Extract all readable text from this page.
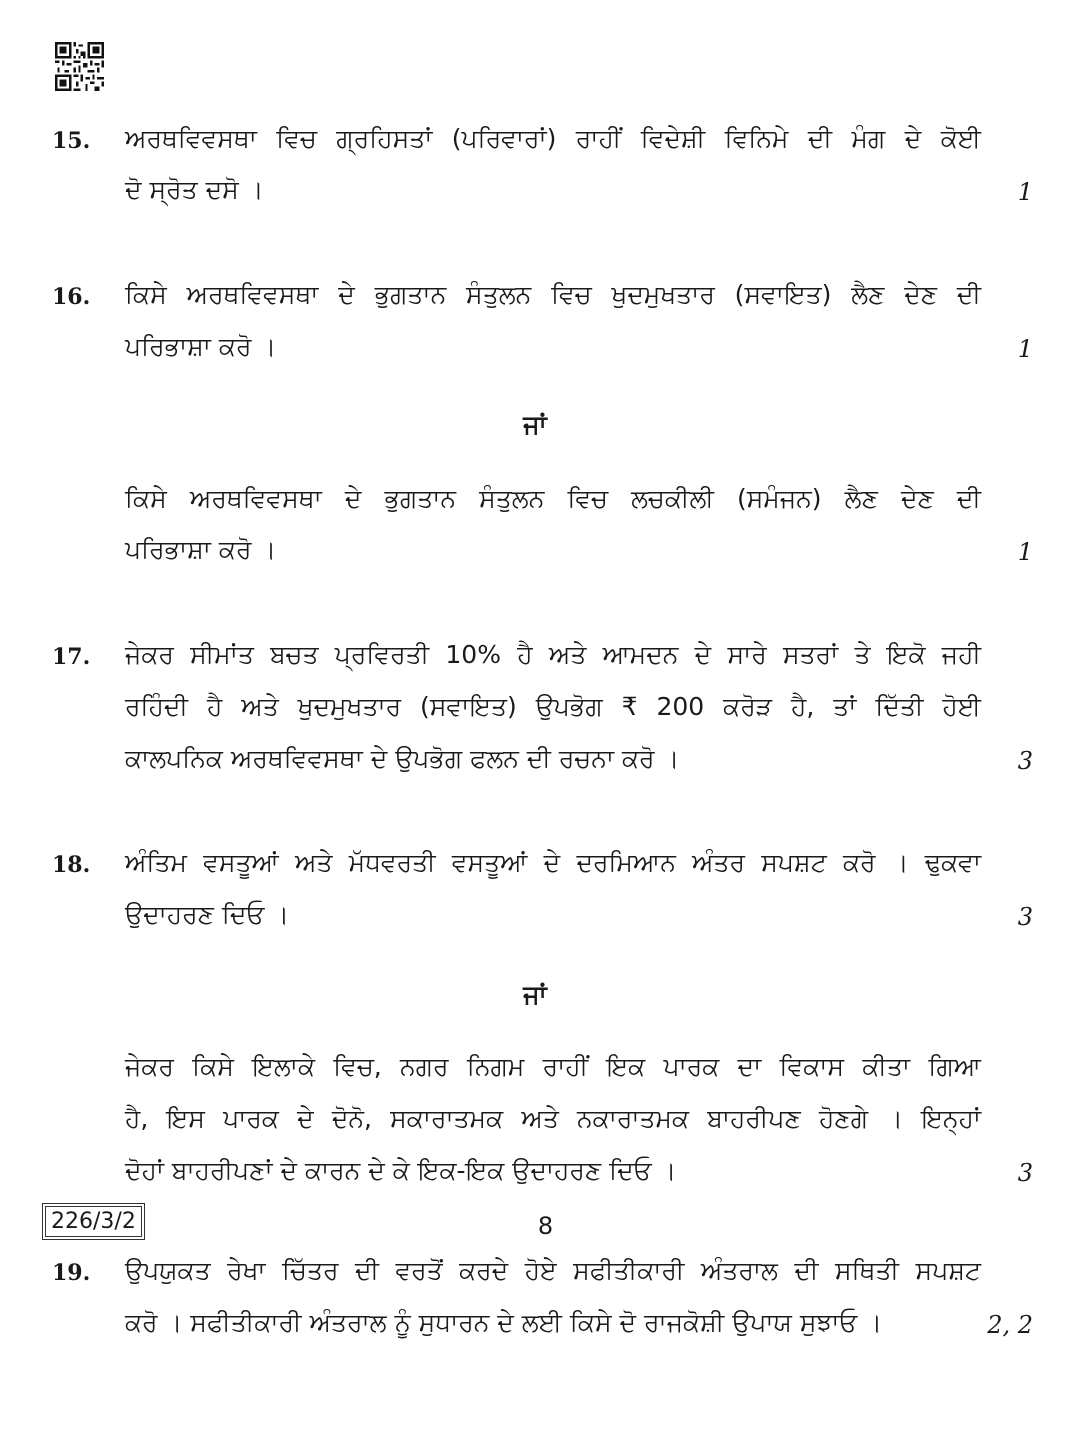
15. ਅਰਥਵਿਵਸਥਾ ਵਿਚ ਗ੍ਰਹਿਸਤਾਂ (ਪਰਿਵਾਰਾਂ) ਰਾਹੀਂ ਵਿਦੇਸ਼ੀ ਵਿਨਿਮੇ ਦੀ ਮੰਗ ਦੇ ਕੋਈ
ਦੋ ਸ੍ਰੋਤ ਦਸੋ ।	1
16. ਕਿਸੇ ਅਰਥਵਿਵਸਥਾ ਦੇ ਭੁਗਤਾਨ ਸੰਤੁਲਨ ਵਿਚ ਖੁਦਮੁਖਤਾਰ (ਸਵਾਇਤ) ਲੈਣ ਦੇਣ ਦੀ
ਪਰਿਭਾਸ਼ਾ ਕਰੋ ।	1
ਜਾਂ
ਕਿਸੇ ਅਰਥਵਿਵਸਥਾ ਦੇ ਭੁਗਤਾਨ ਸੰਤੁਲਨ ਵਿਚ ਲਚਕੀਲੀ (ਸਮੰਜਨ) ਲੈਣ ਦੇਣ ਦੀ
ਪਰਿਭਾਸ਼ਾ ਕਰੋ ।	1
17. ਜੇਕਰ ਸੀਮਾਂਤ ਬਚਤ ਪ੍ਰਵਿਰਤੀ 10% ਹੈ ਅਤੇ ਆਮਦਨ ਦੇ ਸਾਰੇ ਸਤਰਾਂ ਤੇ ਇਕੋ ਜਹੀ
ਰਹਿੰਦੀ ਹੈ ਅਤੇ ਖੁਦਮੁਖਤਾਰ (ਸਵਾਇਤ) ਉਪਭੋਗ ₹ 200 ਕਰੋੜ ਹੈ, ਤਾਂ ਦਿੱਤੀ ਹੋਈ
ਕਾਲਪਨਿਕ ਅਰਥਵਿਵਸਥਾ ਦੇ ਉਪਭੋਗ ਫਲਨ ਦੀ ਰਚਨਾ ਕਰੋ ।	3
18. ਅੰਤਿਮ ਵਸਤੂਆਂ ਅਤੇ ਮੱਧਵਰਤੀ ਵਸਤੂਆਂ ਦੇ ਦਰਮਿਆਨ ਅੰਤਰ ਸਪਸ਼ਟ ਕਰੋ । ਢੁਕਵਾ
ਉਦਾਹਰਣ ਦਿਓ ।	3
ਜਾਂ
ਜੇਕਰ ਕਿਸੇ ਇਲਾਕੇ ਵਿਚ, ਨਗਰ ਨਿਗਮ ਰਾਹੀਂ ਇਕ ਪਾਰਕ ਦਾ ਵਿਕਾਸ ਕੀਤਾ ਗਿਆ
ਹੈ, ਇਸ ਪਾਰਕ ਦੇ ਦੋਨੋ, ਸਕਾਰਾਤਮਕ ਅਤੇ ਨਕਾਰਾਤਮਕ ਬਾਹਰੀਪਣ ਹੋਣਗੇ । ਇਨ੍ਹਾਂ
ਦੋਹਾਂ ਬਾਹਰੀਪਣਾਂ ਦੇ ਕਾਰਨ ਦੇ ਕੇ ਇਕ-ਇਕ ਉਦਾਹਰਣ ਦਿਓ ।	3
19. ਉਪਯੁਕਤ ਰੇਖਾ ਚਿੱਤਰ ਦੀ ਵਰਤੋਂ ਕਰਦੇ ਹੋਏ ਸਫੀਤੀਕਾਰੀ ਅੰਤਰਾਲ ਦੀ ਸਥਿਤੀ ਸਪਸ਼ਟ
ਕਰੋ । ਸਫੀਤੀਕਾਰੀ ਅੰਤਰਾਲ ਨੂੰ ਸੁਧਾਰਨ ਦੇ ਲਈ ਕਿਸੇ ਦੋ ਰਾਜਕੋਸ਼ੀ ਉਪਾਯ ਸੁਝਾਓ ।	2, 2
226/3/2	8
